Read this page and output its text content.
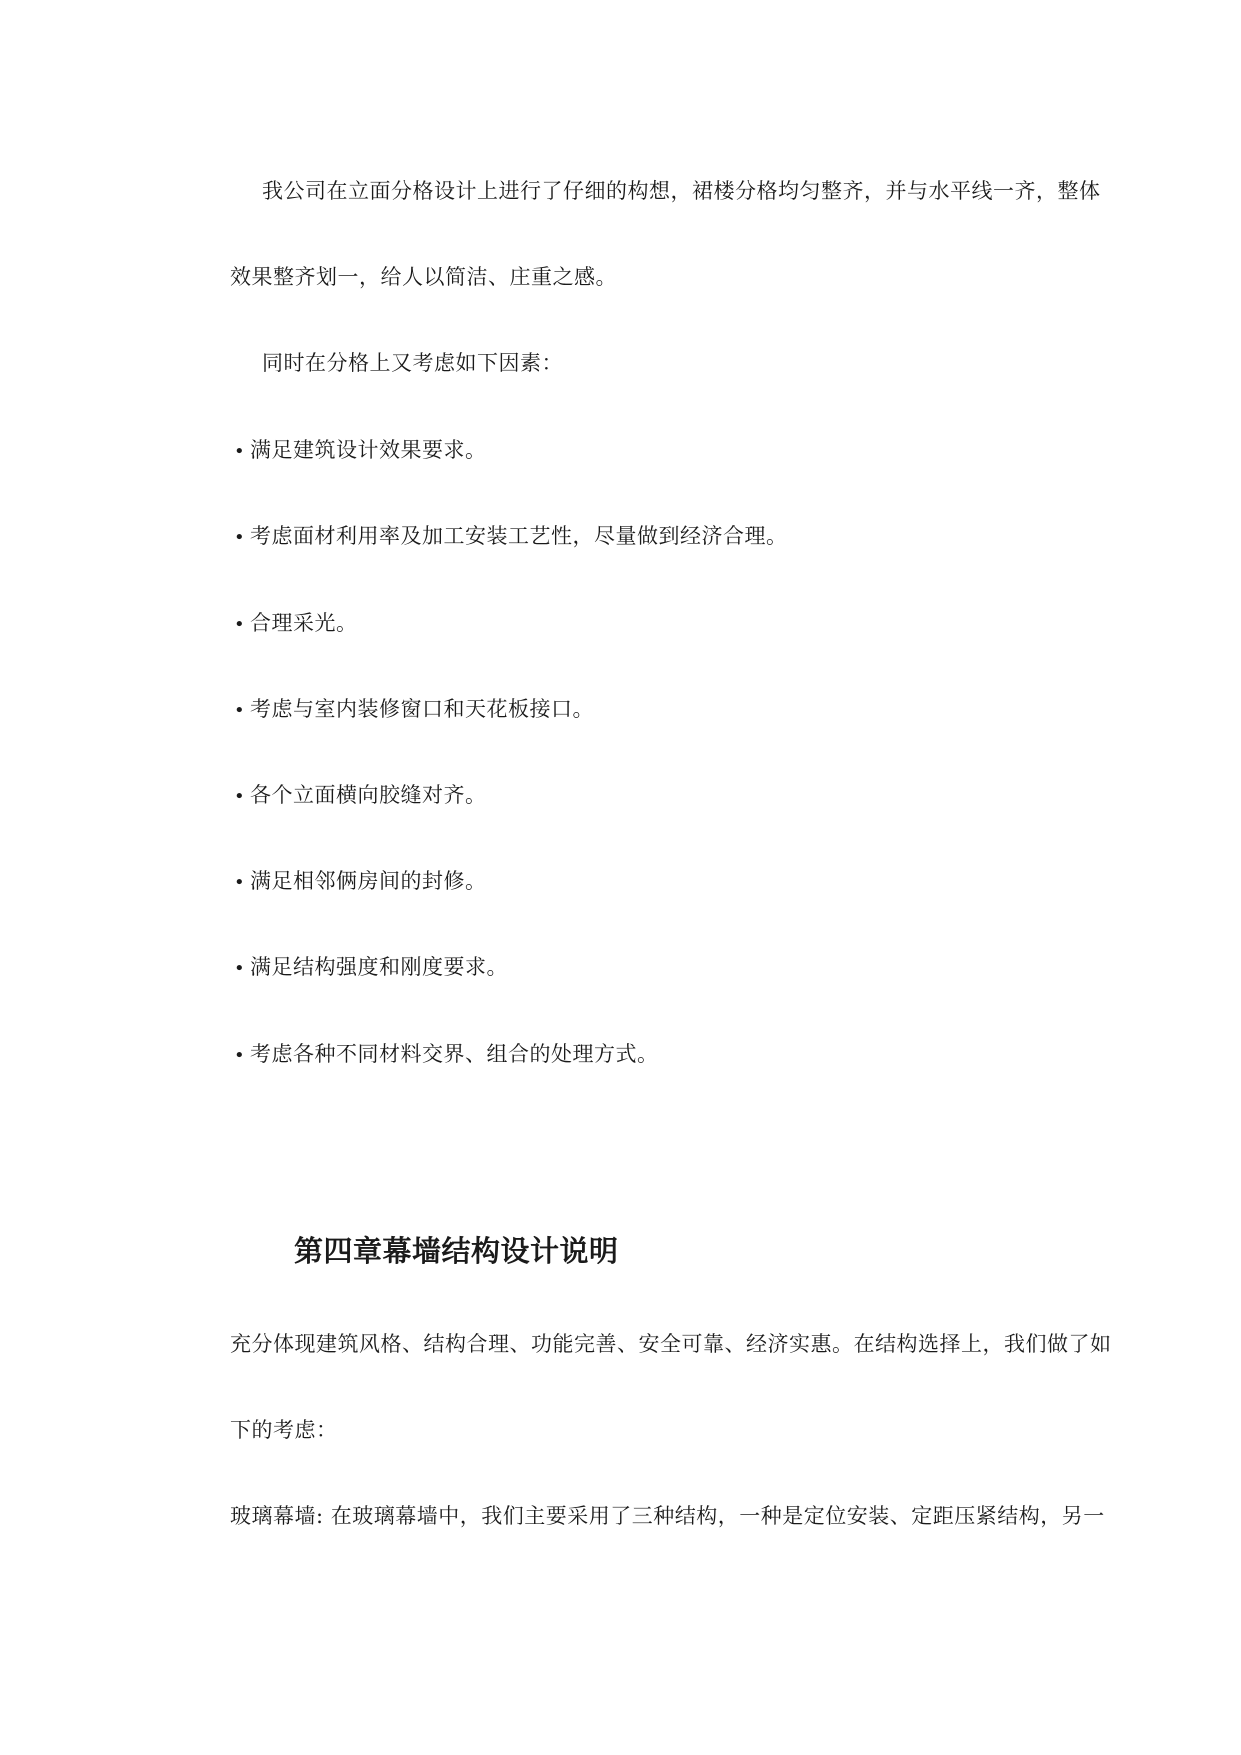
我公司在立面分格设计上进行了仔细的构想，裙楼分格均匀整齐，并与水平线一齐，整体
效果整齐划一，给人以简洁、庄重之感。
同时在分格上又考虑如下因素：
• 满足建筑设计效果要求。
• 考虑面材利用率及加工安装工艺性，尽量做到经济合理。
• 合理采光。
• 考虑与室内装修窗口和天花板接口。
• 各个立面横向胶缝对齐。
• 满足相邻俩房间的封修。
• 满足结构强度和刚度要求。
• 考虑各种不同材料交界、组合的处理方式。
第四章幕墙结构设计说明
充分体现建筑风格、结构合理、功能完善、安全可靠、经济实惠。在结构选择上，我们做了如
下的考虑：
玻璃幕墙: 在玻璃幕墙中，我们主要采用了三种结构，一种是定位安装、定距压紧结构，另一
